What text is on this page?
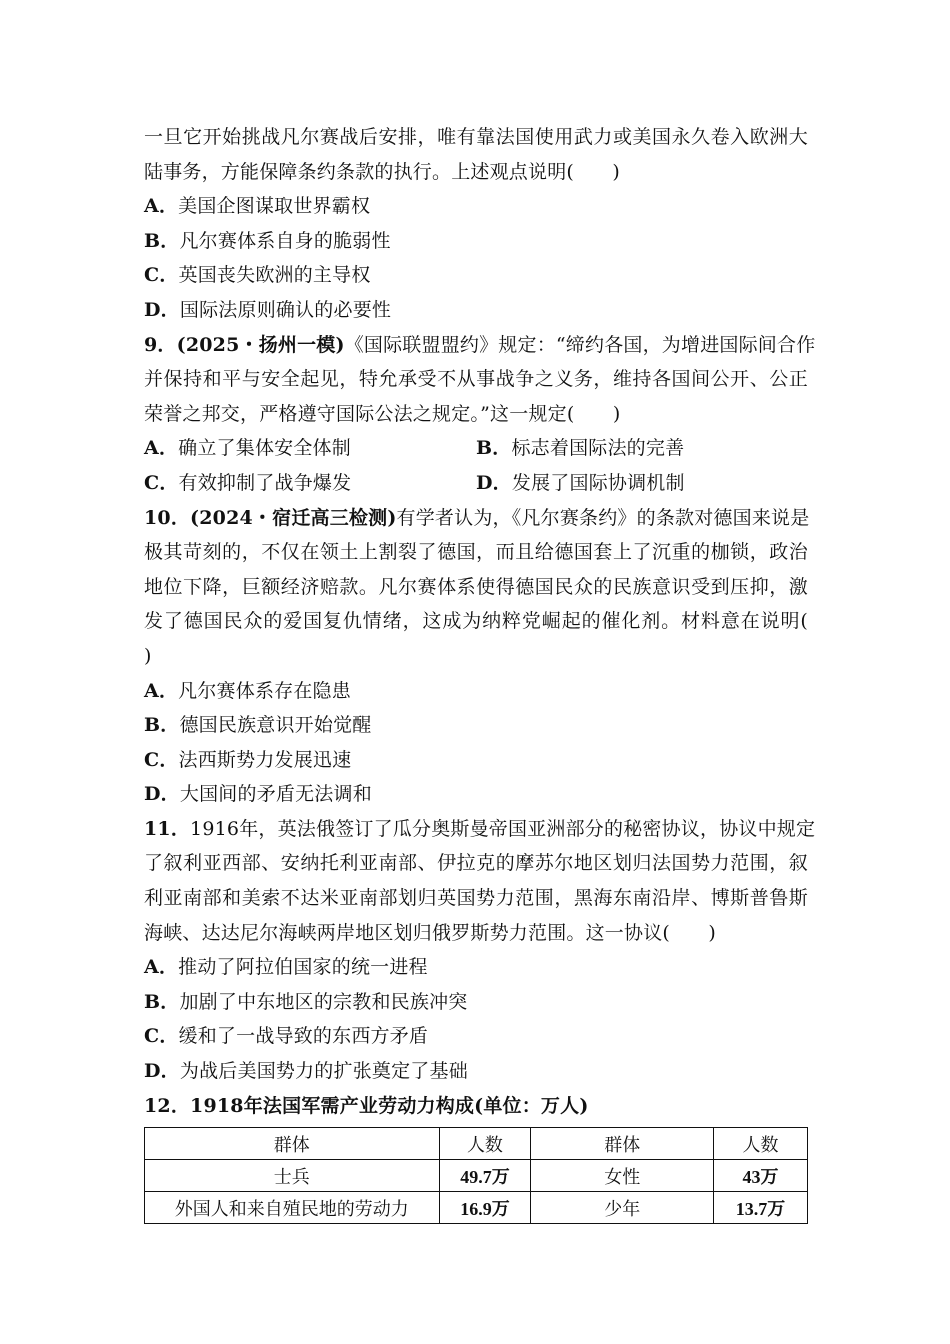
一旦它开始挑战凡尔赛战后安排，唯有靠法国使用武力或美国永久卷入欧洲大
陆事务，方能保障条约条款的执行。上述观点说明(　　)
A．美国企图谋取世界霸权
B．凡尔赛体系自身的脆弱性
C．英国丧失欧洲的主导权
D．国际法原则确认的必要性
9．(2025・扬州一模)《国际联盟盟约》规定：“缔约各国，为增进国际间合作
并保持和平与安全起见，特允承受不从事战争之义务，维持各国间公开、公正
荣誉之邦交，严格遵守国际公法之规定。”这一规定(　　)
A．确立了集体安全体制	B．标志着国际法的完善
C．有效抑制了战争爆发	D．发展了国际协调机制
10．(2024・宿迁高三检测)有学者认为，《凡尔赛条约》的条款对德国来说是
极其苛刻的，不仅在领土上割裂了德国，而且给德国套上了沉重的枷锁，政治
地位下降，巨额经济赔款。凡尔赛体系使得德国民众的民族意识受到压抑，激
发了德国民众的爱国复仇情绪，这成为纳粹党崛起的催化剂。材料意在说明(
)
A．凡尔赛体系存在隐患
B．德国民族意识开始觉醒
C．法西斯势力发展迅速
D．大国间的矛盾无法调和
11．1916年，英法俄签订了瓜分奥斯曼帝国亚洲部分的秘密协议，协议中规定
了叙利亚西部、安纳托利亚南部、伊拉克的摩苏尔地区划归法国势力范围，叙
利亚南部和美索不达米亚南部划归英国势力范围，黑海东南沿岸、博斯普鲁斯
海峡、达达尼尔海峡两岸地区划归俄罗斯势力范围。这一协议(　　)
A．推动了阿拉伯国家的统一进程
B．加剧了中东地区的宗教和民族冲突
C．缓和了一战导致的东西方矛盾
D．为战后美国势力的扩张奠定了基础
12．1918年法国军需产业劳动力构成(单位：万人)
群体	人数	群体	人数
士兵	49.7万	女性	43万
外国人和来自殖民地的劳动力	16.9万	少年	13.7万
